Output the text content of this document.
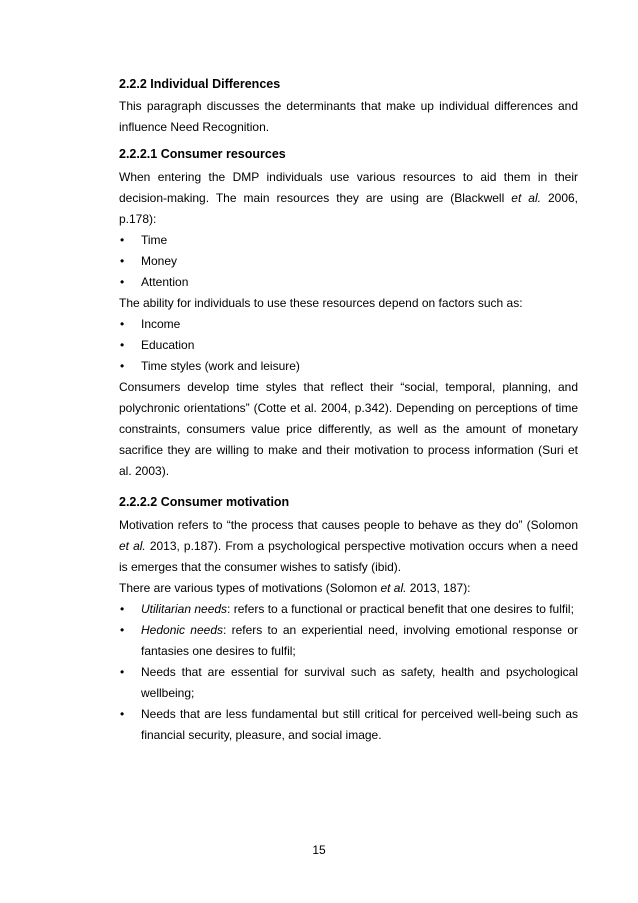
2.2.2 Individual Differences

This paragraph discusses the determinants that make up individual differences and influence Need Recognition.

2.2.2.1 Consumer resources

When entering the DMP individuals use various resources to aid them in their decision-making. The main resources they are using are (Blackwell et al. 2006, p.178):

• Time
• Money
• Attention

The ability for individuals to use these resources depend on factors such as:

• Income
• Education
• Time styles (work and leisure)

Consumers develop time styles that reflect their “social, temporal, planning, and polychronic orientations” (Cotte et al. 2004, p.342). Depending on perceptions of time constraints, consumers value price differently, as well as the amount of monetary sacrifice they are willing to make and their motivation to process information (Suri et al. 2003).

2.2.2.2 Consumer motivation

Motivation refers to “the process that causes people to behave as they do” (Solomon et al. 2013, p.187). From a psychological perspective motivation occurs when a need is emerges that the consumer wishes to satisfy (ibid).

There are various types of motivations (Solomon et al. 2013, 187):

• Utilitarian needs: refers to a functional or practical benefit that one desires to fulfil;
• Hedonic needs: refers to an experiential need, involving emotional response or fantasies one desires to fulfil;
• Needs that are essential for survival such as safety, health and psychological wellbeing;
• Needs that are less fundamental but still critical for perceived well-being such as financial security, pleasure, and social image.
15
